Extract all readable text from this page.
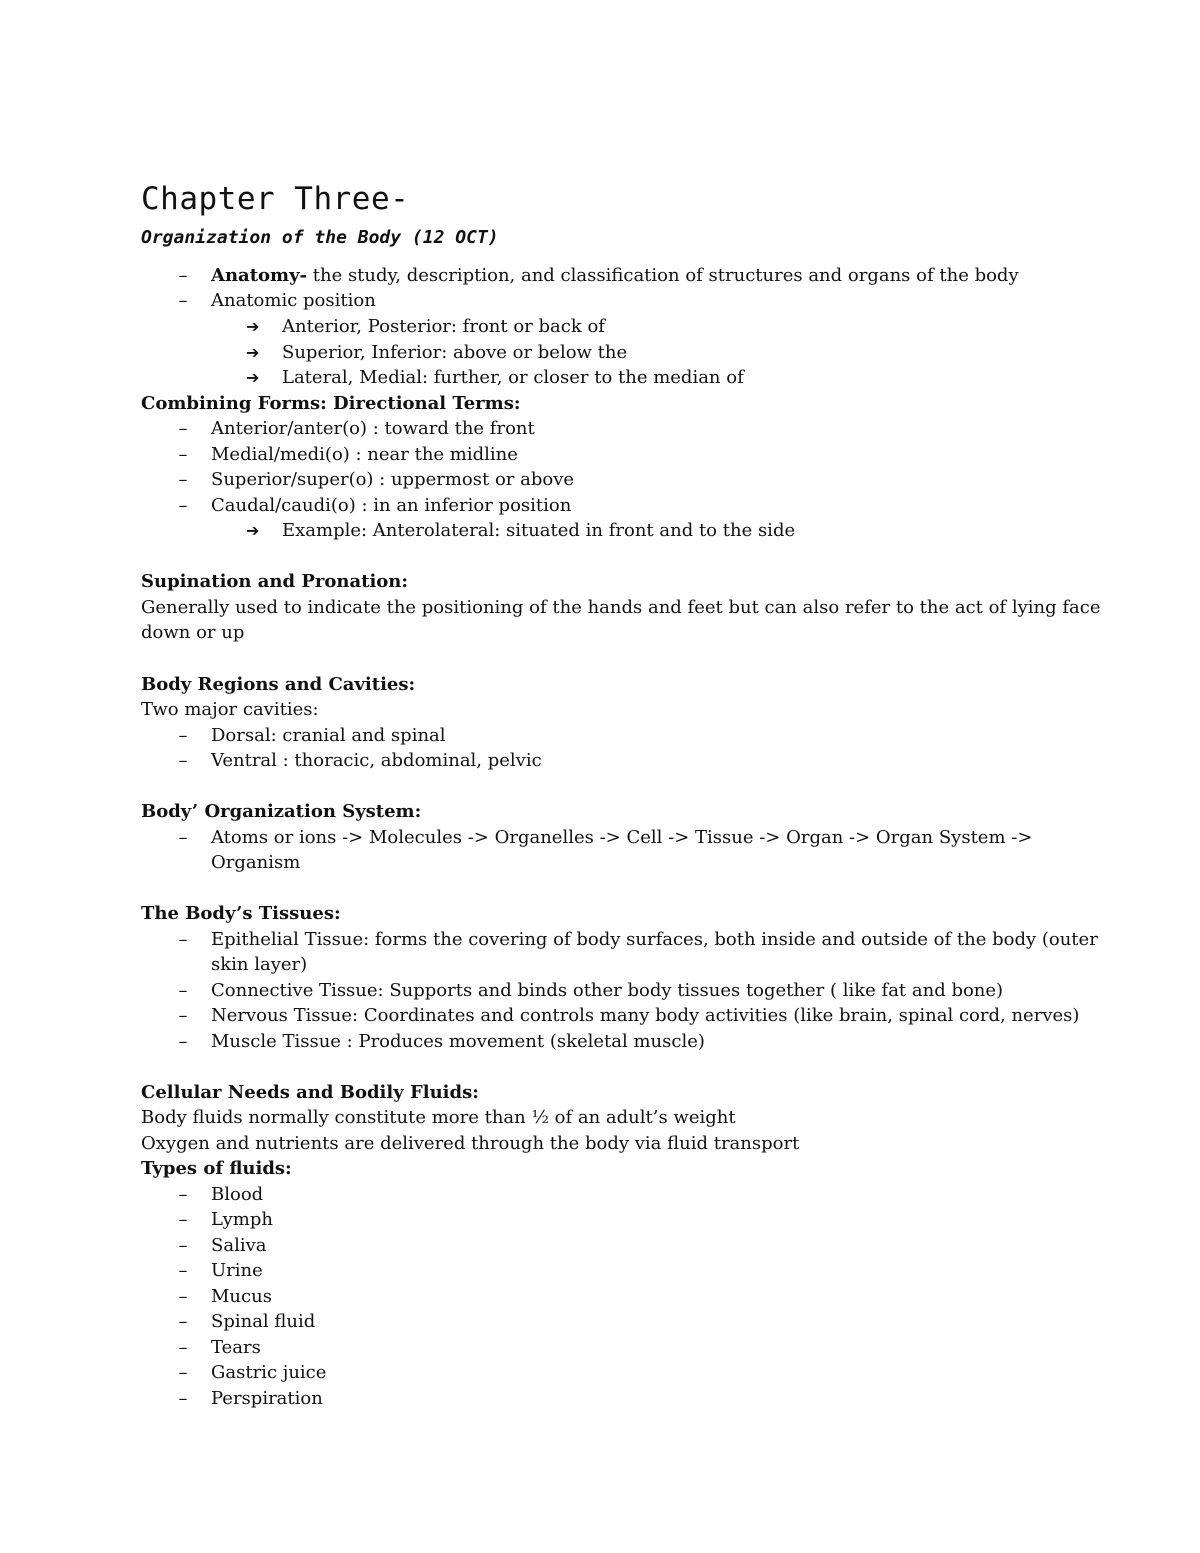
Chapter Three-
Organization of the Body (12 OCT)
– Anatomy- the study, description, and classification of structures and organs of the body
– Anatomic position
➔ Anterior, Posterior: front or back of
➔ Superior, Inferior: above or below the
➔ Lateral, Medial: further, or closer to the median of
Combining Forms: Directional Terms:
– Anterior/anter(o) : toward the front
– Medial/medi(o) : near the midline
– Superior/super(o) : uppermost or above
– Caudal/caudi(o) : in an inferior position
➔ Example: Anterolateral: situated in front and to the side
Supination and Pronation:
Generally used to indicate the positioning of the hands and feet but can also refer to the act of lying face
down or up
Body Regions and Cavities:
Two major cavities:
– Dorsal: cranial and spinal
– Ventral : thoracic, abdominal, pelvic
Body’ Organization System:
– Atoms or ions -> Molecules -> Organelles -> Cell -> Tissue -> Organ -> Organ System ->
Organism
The Body’s Tissues:
– Epithelial Tissue: forms the covering of body surfaces, both inside and outside of the body (outer
skin layer)
– Connective Tissue: Supports and binds other body tissues together ( like fat and bone)
– Nervous Tissue: Coordinates and controls many body activities (like brain, spinal cord, nerves)
– Muscle Tissue : Produces movement (skeletal muscle)
Cellular Needs and Bodily Fluids:
Body fluids normally constitute more than ½ of an adult’s weight
Oxygen and nutrients are delivered through the body via fluid transport
Types of fluids:
– Blood
– Lymph
– Saliva
– Urine
– Mucus
– Spinal fluid
– Tears
– Gastric juice
– Perspiration
